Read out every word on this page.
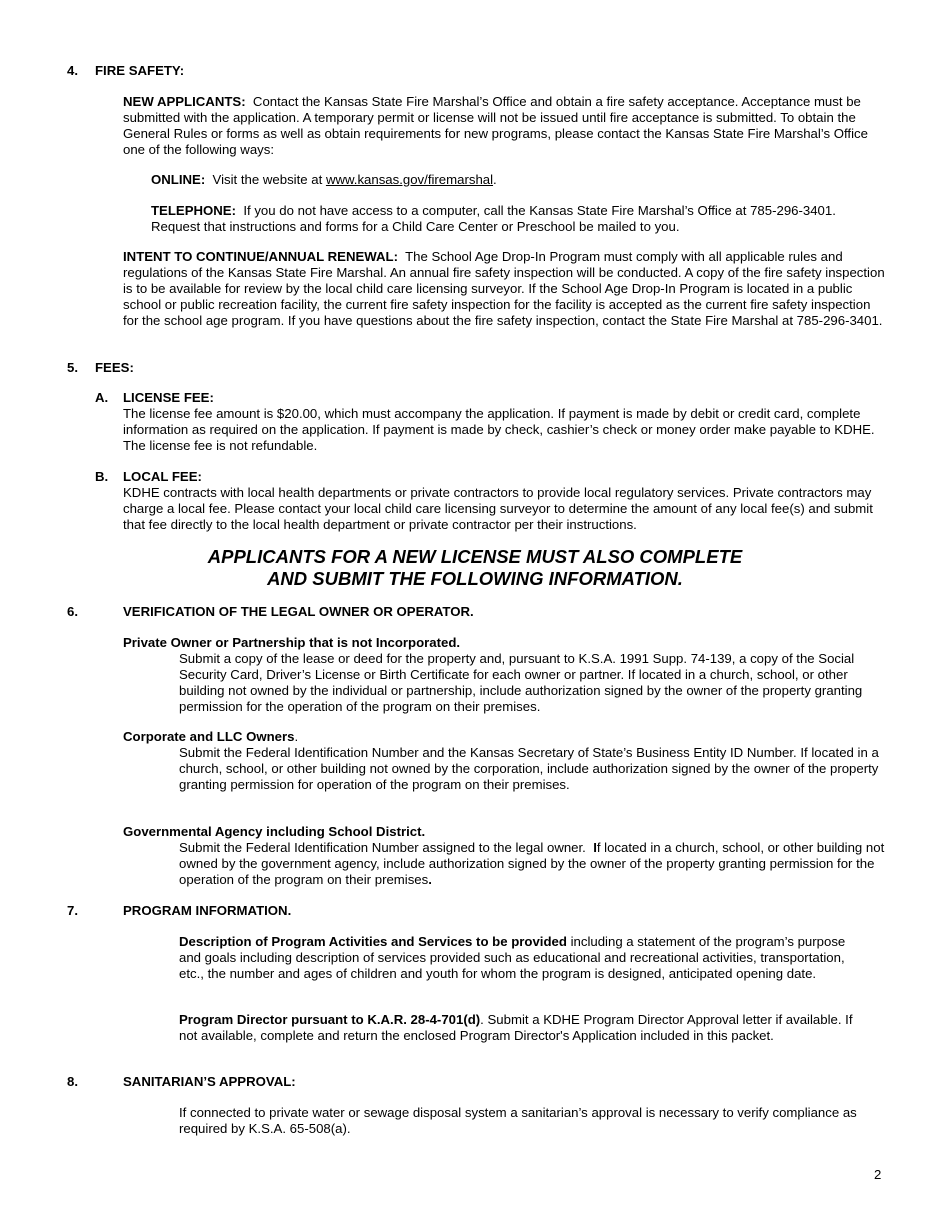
4. FIRE SAFETY:

NEW APPLICANTS: Contact the Kansas State Fire Marshal’s Office and obtain a fire safety acceptance. Acceptance must be submitted with the application. A temporary permit or license will not be issued until fire acceptance is submitted. To obtain the General Rules or forms as well as obtain requirements for new programs, please contact the Kansas State Fire Marshal’s Office one of the following ways:

ONLINE: Visit the website at www.kansas.gov/firemarshal.

TELEPHONE: If you do not have access to a computer, call the Kansas State Fire Marshal’s Office at 785-296-3401. Request that instructions and forms for a Child Care Center or Preschool be mailed to you.

INTENT TO CONTINUE/ANNUAL RENEWAL: The School Age Drop-In Program must comply with all applicable rules and regulations of the Kansas State Fire Marshal. An annual fire safety inspection will be conducted. A copy of the fire safety inspection is to be available for review by the local child care licensing surveyor. If the School Age Drop-In Program is located in a public school or public recreation facility, the current fire safety inspection for the facility is accepted as the current fire safety inspection for the school age program. If you have questions about the fire safety inspection, contact the State Fire Marshal at 785-296-3401.

5. FEES:
A. LICENSE FEE:

The license fee amount is $20.00, which must accompany the application. If payment is made by debit or credit card, complete information as required on the application. If payment is made by check, cashier’s check or money order make payable to KDHE. The license fee is not refundable.

B. LOCAL FEE:

KDHE contracts with local health departments or private contractors to provide local regulatory services. Private contractors may charge a local fee. Please contact your local child care licensing surveyor to determine the amount of any local fee(s) and submit that fee directly to the local health department or private contractor per their instructions.

APPLICANTS FOR A NEW LICENSE MUST ALSO COMPLETE
AND SUBMIT THE FOLLOWING INFORMATION.
6.	VERIFICATION OF THE LEGAL OWNER OR OPERATOR.
Private Owner or Partnership that is not Incorporated.

Submit a copy of the lease or deed for the property and, pursuant to K.S.A. 1991 Supp. 74-139, a copy of the Social Security Card, Driver’s License or Birth Certificate for each owner or partner. If located in a church, school, or other building not owned by the individual or partnership, include authorization signed by the owner of the property granting permission for the operation of the program on their premises.

Corporate and LLC Owners.

Submit the Federal Identification Number and the Kansas Secretary of State’s Business Entity ID Number. If located in a church, school, or other building not owned by the corporation, include authorization signed by the owner of the property granting permission for operation of the program on their premises.

Governmental Agency including School District.

Submit the Federal Identification Number assigned to the legal owner. If located in a church, school, or other building not owned by the government agency, include authorization signed by the owner of the property granting permission for the operation of the program on their premises.

7.	PROGRAM INFORMATION.

Description of Program Activities and Services to be provided including a statement of the program’s purpose and goals including description of services provided such as educational and recreational activities, transportation, etc., the number and ages of children and youth for whom the program is designed, anticipated opening date.

Program Director pursuant to K.A.R. 28-4-701(d). Submit a KDHE Program Director Approval letter if available. If not available, complete and return the enclosed Program Director's Application included in this packet.

8.	SANITARIAN’S APPROVAL:

If connected to private water or sewage disposal system a sanitarian’s approval is necessary to verify compliance as required by K.S.A. 65-508(a).

2
